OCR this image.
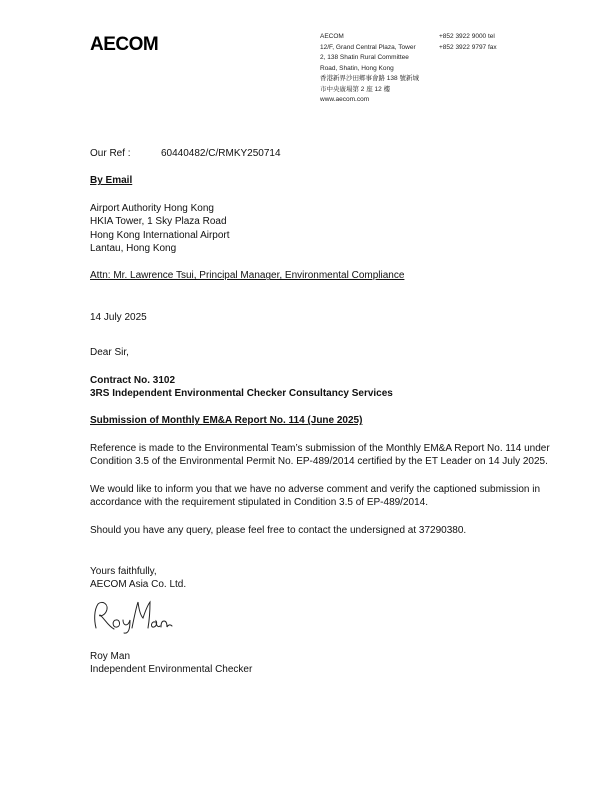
AECOM	AECOM
12/F, Grand Central Plaza, Tower
2, 138 Shatin Rural Committee
Road, Shatin, Hong Kong
香港新界沙田鄉事會路 138 號新城
市中央廣場第 2 座 12 樓
www.aecom.com
+852 3922 9000 tel
+852 3922 9797 fax
Our Ref :	60440482/C/RMKY250714
By Email
Airport Authority Hong Kong
HKIA Tower, 1 Sky Plaza Road
Hong Kong International Airport
Lantau, Hong Kong
Attn: Mr. Lawrence Tsui, Principal Manager, Environmental Compliance
14 July 2025
Dear Sir,
Contract No. 3102
3RS Independent Environmental Checker Consultancy Services
Submission of Monthly EM&A Report No. 114 (June 2025)
Reference is made to the Environmental Team’s submission of the Monthly EM&A Report No. 114 under Condition 3.5 of the Environmental Permit No. EP-489/2014 certified by the ET Leader on 14 July 2025.
We would like to inform you that we have no adverse comment and verify the captioned submission in accordance with the requirement stipulated in Condition 3.5 of EP-489/2014.
Should you have any query, please feel free to contact the undersigned at 37290380.
Yours faithfully,
AECOM Asia Co. Ltd.
Roy Man
Independent Environmental Checker
